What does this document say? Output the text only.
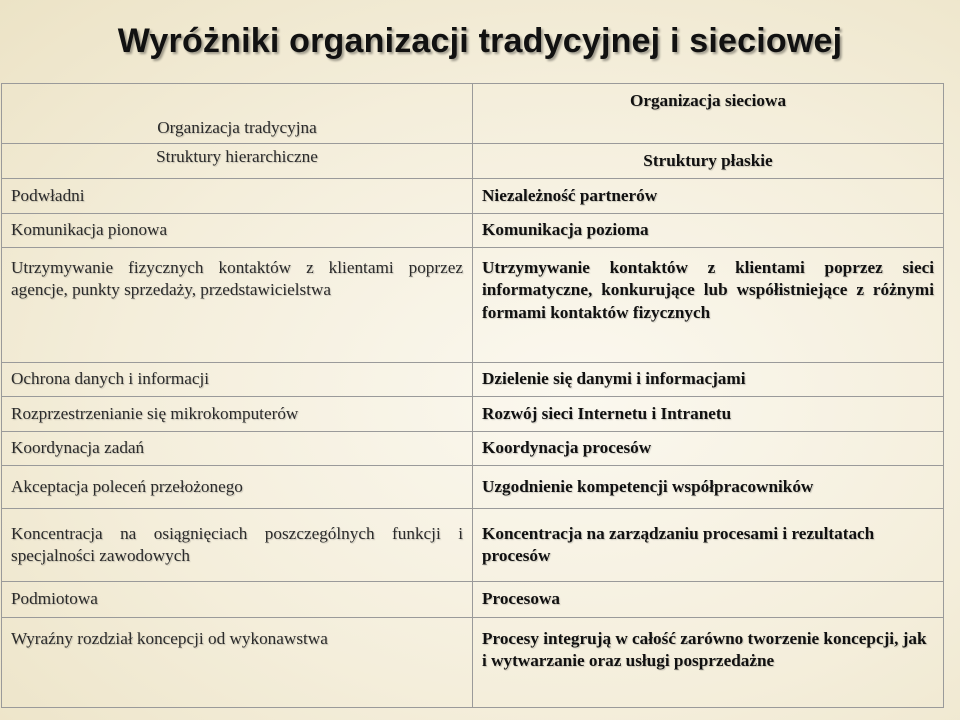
Wyróżniki organizacji tradycyjnej i sieciowej
Organizacja tradycyjna	Organizacja sieciowa
Struktury hierarchiczne	Struktury płaskie
Podwładni	Niezależność partnerów
Komunikacja pionowa	Komunikacja pozioma
Utrzymywanie fizycznych kontaktów z klientami poprzez agencje, punkty sprzedaży, przedstawicielstwa	Utrzymywanie kontaktów z klientami poprzez sieci informatyczne, konkurujące lub współistniejące z różnymi formami kontaktów fizycznych
Ochrona danych i informacji	Dzielenie się danymi i informacjami
Rozprzestrzenianie się mikrokomputerów	Rozwój sieci Internetu i Intranetu
Koordynacja zadań	Koordynacja procesów
Akceptacja poleceń przełożonego	Uzgodnienie kompetencji współpracowników
Koncentracja na osiągnięciach poszczególnych funkcji i specjalności zawodowych	Koncentracja na zarządzaniu procesami i rezultatach procesów
Podmiotowa	Procesowa
Wyraźny rozdział koncepcji od wykonawstwa	Procesy integrują w całość zarówno tworzenie koncepcji, jak i wytwarzanie oraz usługi posprzedażne
